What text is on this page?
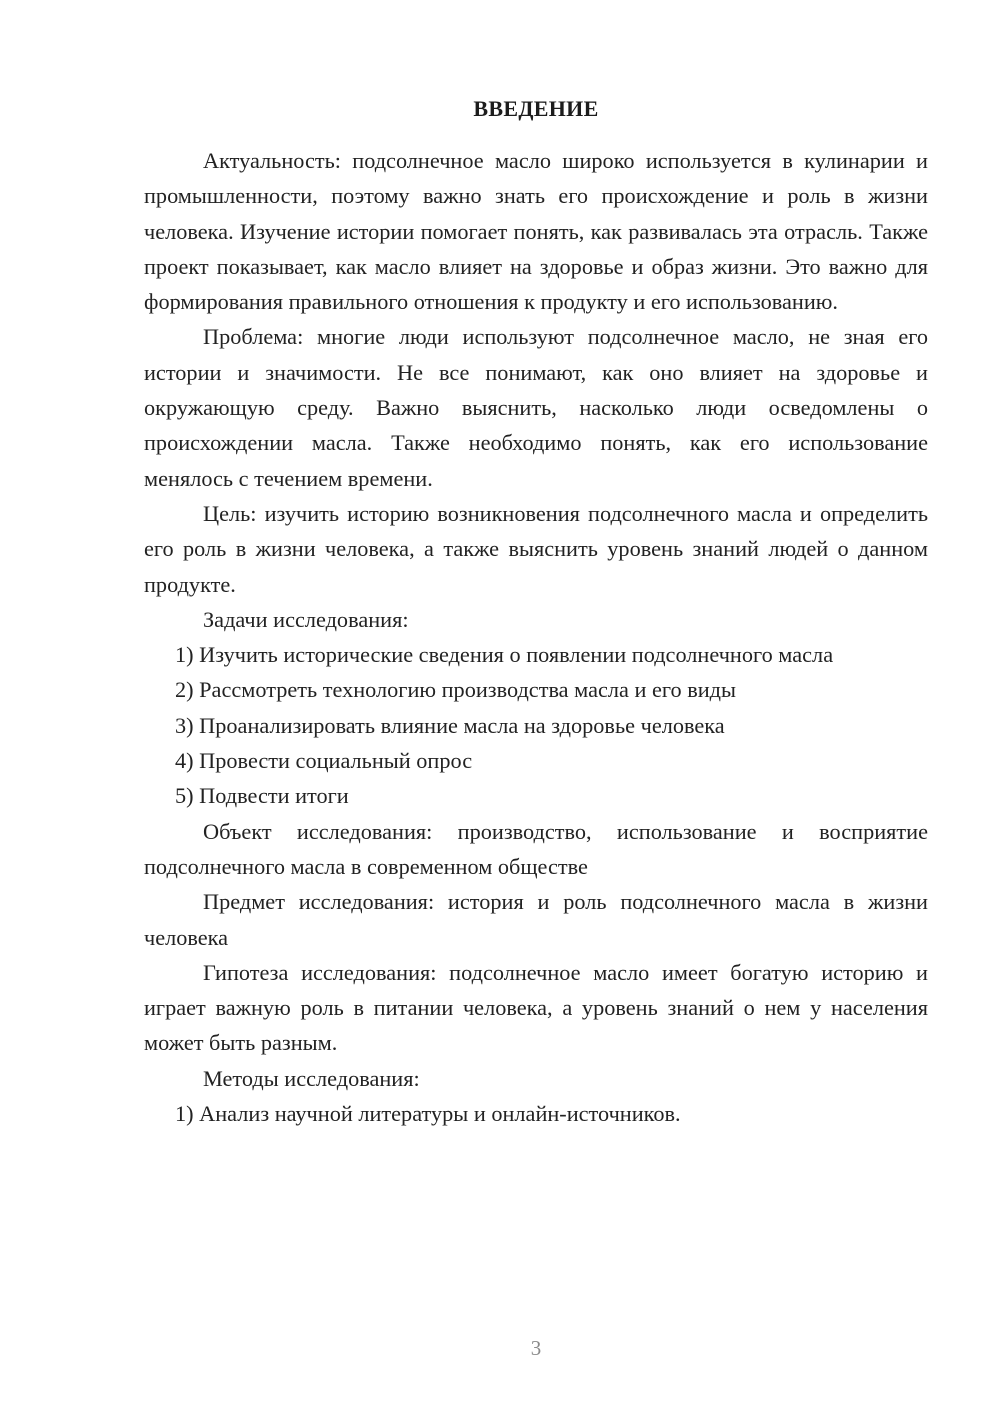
ВВЕДЕНИЕ

Актуальность: подсолнечное масло широко используется в кулинарии и промышленности, поэтому важно знать его происхождение и роль в жизни человека. Изучение истории помогает понять, как развивалась эта отрасль. Также проект показывает, как масло влияет на здоровье и образ жизни. Это важно для формирования правильного отношения к продукту и его использованию.

Проблема: многие люди используют подсолнечное масло, не зная его истории и значимости. Не все понимают, как оно влияет на здоровье и окружающую среду. Важно выяснить, насколько люди осведомлены о происхождении масла. Также необходимо понять, как его использование менялось с течением времени.

Цель: изучить историю возникновения подсолнечного масла и определить его роль в жизни человека, а также выяснить уровень знаний людей о данном продукте.

Задачи исследования:

1) Изучить исторические сведения о появлении подсолнечного масла

2) Рассмотреть технологию производства масла и его виды

3) Проанализировать влияние масла на здоровье человека

4) Провести социальный опрос

5) Подвести итоги

Объект исследования: производство, использование и восприятие подсолнечного масла в современном обществе

Предмет исследования: история и роль подсолнечного масла в жизни человека

Гипотеза исследования: подсолнечное масло имеет богатую историю и играет важную роль в питании человека, а уровень знаний о нем у населения может быть разным.

Методы исследования:

1) Анализ научной литературы и онлайн-источников.

3
